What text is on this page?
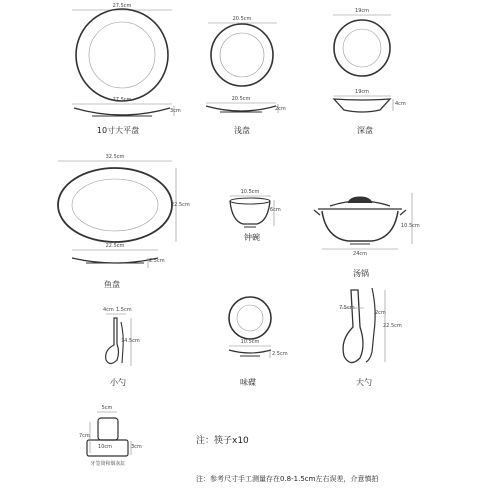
27.5cm
27.5cm
3cm
10寸大平盘
20.5cm
20.5cm
2cm
浅盘
19cm
19cm
4cm
深盘
32.5cm
22.5cm
22.5cm
2.5cm
鱼盘
10.5cm
6cm
钟碗
10.5cm
24cm
汤锅
4cm 1.5cm
14.5cm
小勺
10.5cm
2.5cm
味碟
7.5cm
2cm
22.5cm
大勺
5cm
7cm
10cm	3cm
牙签筒和烟灰缸
注：筷子x10
注：参考尺寸手工测量存在0.8-1.5cm左右误差，介意慎拍
